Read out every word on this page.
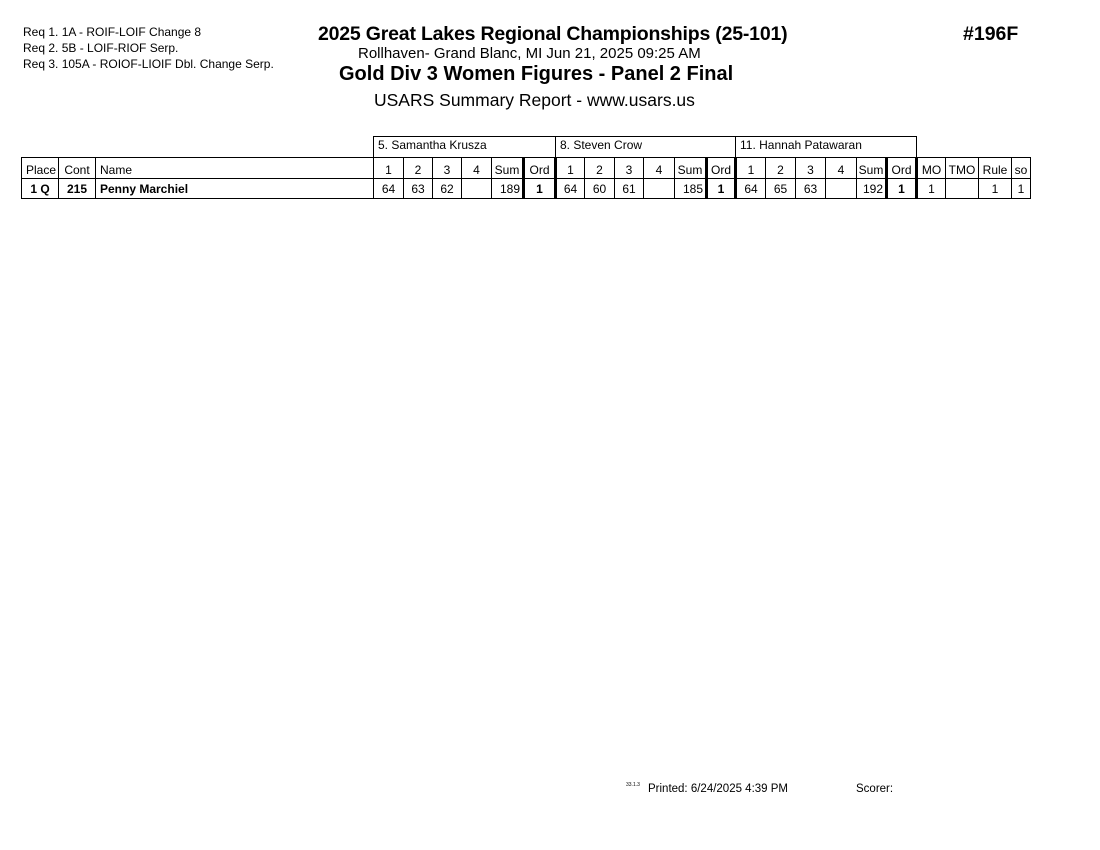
Req 1. 1A - ROIF-LOIF Change 8
Req 2. 5B - LOIF-RIOF Serp.
Req 3. 105A - ROIOF-LIOIF Dbl. Change Serp.
2025 Great Lakes Regional Championships (25-101)	#196F
Rollhaven- Grand Blanc, MI Jun 21, 2025 09:25 AM
Gold Div 3 Women Figures - Panel 2 Final
USARS Summary Report - www.usars.us
			5. Samantha Krusza						8. Steven Crow						11. Hannah Patawaran									
Place	Cont	Name	1	2	3	4	Sum	Ord	1	2	3	4	Sum	Ord	1	2	3	4	Sum	Ord	MO	TMO	Rule	so
1 Q	215	Penny Marchiel	64	63	62		189	1	64	60	61		185	1	64	65	63		192	1	1		1	1
33.1.3 Printed: 6/24/2025 4:39 PM	Scorer:
